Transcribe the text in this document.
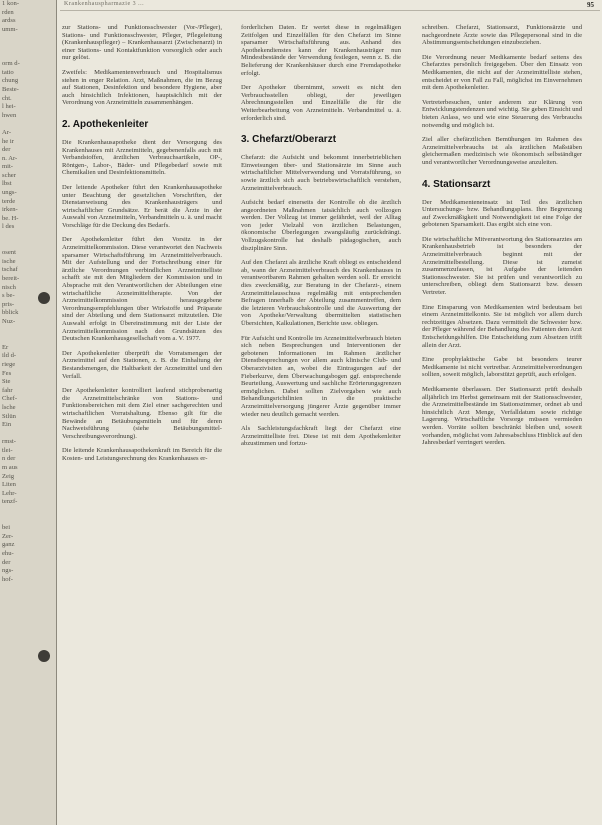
1 kon-
rden
ardss
umm-
orm d-
tatio
chung
Beste-
cht.
l hei-
hwen
Ar-
he ir
der
n. Ar-
mit-
scher
lbst
ungs-
terde
irken-
be. H-
l des
osent
ische
tschaf
bereit-
nisch
s be-
pris-
bblick
Nuz-
Er
ild d-
riege
Fes
Ste
fahr
Chef-
lsche
Stlün
Ein
rmst-
tlei-
n der
m aus
Zeig
Liten
Lehr-
tenzf-
bei
Zer-
ganz
ehu-
der
ngs-
hof-
Krankenhauspharmazie 3 ...	95

zur Stations- und Funktionsschwester (Vor-/Pfleger), Stations- und Funktionsschwester, Pfleger, Pflegeleitung (Krankenhauspfleger) – Krankenhausarzt (Zwischenarzt) in einer Stations- und Kontaktfunktion vorsorglich oder auch nur gelöst.

Zweifels: Medikamentenverbrauch und Hospitalismus stehen in enger Relation. Arzt, Maßnahmen, die im Bezug auf Stationen, Desinfektion und besondere Hygiene, aber auch hinsichtlich Infektionen, hauptsächlich mit der Verordnung von Arzneimitteln zusammenhängen.

2. Apothekenleiter

Die Krankenhausapotheke dient der Versorgung des Krankenhauses mit Arzneimitteln, gegebenenfalls auch mit Verbandstoffen, ärztlichen Verbrauchsartikeln, OP-, Röntgen-, Labor-, Bäder- und Pflegebedarf sowie mit Chemikalien und Desinfektionsmitteln.

Der leitende Apotheker führt den Krankenhausapotheke unter Beachtung der gesetzlichen Vorschriften, der Dienstanweisung des Krankenhausträgers und wirtschaftlicher Grundsätze. Er berät die Ärzte in der Auswahl von Arzneimitteln, Verbandmitteln u. ä. und macht Vorschläge für die Deckung des Bedarfs.

Der Apothekenleiter führt den Vorsitz in der Arzneimittelkommission. Diese verantwortet den Nachweis sparsamer Wirtschaftsführung im Arzneimittelverbrauch. Mit der Aufstellung und der Fortschreibung einer für ärztliche Verordnungen verbindlichen Arzneimittelliste schafft sie mit den Mitgliedern der Kommission und in Absprache mit den Verantwortlichen der Abteilungen eine wirtschaftliche Arzneimitteltherapie. Von der Arzneimittelkommission herausgegebene Verordnungsempfehlungen über Wirkstoffe und Präparate sind der Abteilung und dem Stationsarzt mitzuteilen. Die Auswahl erfolgt in Übereinstimmung mit der Liste der Arzneimittelkommission nach den Grundsätzen des Deutschen Krankenhausgesellschaft vom a. V. 1977.

Der Apothekenleiter überprüft die Vorratsmengen der Arzneimittel auf den Stationen, z. B. die Einhaltung der Bestandsmengen, die Haltbarkeit der Arzneimittel und den Verfall.

Der Apothekenleiter kontrolliert laufend stichprobenartig die Arzneimittelschränke von Stations- und Funktionsbereichen mit dem Ziel einer sachgerechten und wirtschaftlichen Vorratshaltung. Ebenso gilt für die Bewände an Betäubungsmitteln und für deren Nachweisführung (siehe Betäubungsmittel-Verschreibungsverordnung).

Die leitende Krankenhausapothekenkraft im Bereich für die Kosten- und Leistungsrechnung des Krankenhauses er-

forderlichen Daten. Er wertet diese in regelmäßigen Zeitfolgen und Einzelfällen für den Chefarzt im Sinne sparsamer Wirtschaftsführung aus. Anhand des Apothekendienstes kann der Krankenhausträger nun Mindestbestände der Verwendung festlegen, wenn z. B. die Belieferung der Krankenhäuser durch eine Fremdapotheke erfolgt.

Der Apotheker übernimmt, soweit es nicht den Verbrauchsstellen obliegt, der jeweiligen Abrechnungsstellen und Einzelfälle die für die Weiterbearbeitung von Arzneimitteln. Verbandmittel u. ä. erforderlich sind.

3. Chefarzt/Oberarzt

Chefarzt: die Aufsicht und bekommt innerbetrieblichen Einweisungen über- und Stationsärzte im Sinne auch wirtschaftlicher Mittelverwendung und Vorratsführung, so sowie ärztlich sich auch betriebswirtschaftlich verstehen, Arzneimittelverbrauch.

Aufsicht bedarf einerseits der Kontrolle ob die ärztlich angeordneten Maßnahmen tatsächlich auch vollzogen werden. Der Vollzug ist immer gefährdet, weil der Alltag von jeder Vielzahl von ärztlichen Belastungen, ökonomische Überlegungen zwangsläufig zurückdrängt. Vollzugskontrolle hat deshalb pädagogischen, auch disziplinäre Sinn.

Auf den Chefarzt als ärztliche Kraft obliegt es entscheidend ab, wann der Arzneimittelverbrauch des Krankenhauses in verantwortbarem Rahmen gehalten werden soll. Er erreicht dies zweckmäßig, zur Beratung in der Chefarzt-, einem Arzneimittelausschuss regelmäßig mit entsprechenden Befragen innerhalb der Abteilung zusammentreffen, dem die letzteren Verbrauchskontrolle und die Auswertung der von Apotheke/Verwaltung übermittelten statistischen Übersichten, Kalkulationen, Berichte usw. obliegen.

Für Aufsicht und Kontrolle im Arzneimittelverbrauch bieten sich neben Besprechungen und Interventionen der gebotenen Informationen im Rahmen ärztlicher Dienstbesprechungen vor allem auch klinische Club- und Oberarztvisiten an, wobei die Eintragungen auf der Fieberkurve, dem Überwachungsbogen ggf. entsprechende Beurteilung, Auswertung und sachliche Erörterungsgrenzen ermöglichen. Dabei sollten Zielvorgaben wie auch Behandlungsrichtlinien in die praktische Arzneimittelversorgung jüngerer Ärzte gegenüber immer wieder neu deutlich gemacht werden.

Als Sachleistungsfachkraft liegt der Chefarzt eine Arzneimittelliste frei. Diese ist mit dem Apothekenleiter abzustimmen und fortzu-

schreiben. Chefarzt, Stationsarzt, Funktionsärzte und nachgeordnete Ärzte sowie das Pflegepersonal sind in die Abstimmungsentscheidungen einzubeziehen.

Die Verordnung neuer Medikamente bedarf seitens des Chefarztes persönlich freigegeben. Über den Einsatz von Medikamenten, die nicht auf der Arzneimittelliste stehen, entscheidet er von Fall zu Fall, möglichst im Einvernehmen mit dem Apothekenleiter.

Vertreterbesuchen, unter anderem zur Klärung von Entwicklungstendenzen und wichtig. Sie geben Einsicht und bieten Anlass, wo und wie eine Steuerung des Verbrauchs notwendig und möglich ist.

Ziel aller chefärztlichen Bemühungen im Rahmen des Arzneimittelverbrauchs ist als ärztlichen Maßstäben gleichermaßen medizinisch wie ökonomisch selbständiger und verantwortlicher Verordnungsweise anzuleiten.

4. Stationsarzt

Der Medikamenteneinsatz ist Teil des ärztlichen Untersuchungs- bzw. Behandlungsplans. Ihre Begrenzung auf Zweckmäßigkeit und Notwendigkeit ist eine Folge der gebotenen Sparsamkeit. Das ergibt sich eine von.

Die wirtschaftliche Mitverantwortung des Stationsarztes am Krankenhausbetrieb ist besonders der Arzneimittelverbrauch beginnt mit der Arzneimittelbestellung. Diese ist zumeist zusammenzufassen, ist Aufgabe der leitenden Stationsschwester. Sie ist prüfen und verantwortlich zu unterschreiben, obliegt dem Stationsarzt bzw. dessen Vertreter.

Eine Einsparung von Medikamenten wird bedeutsam bei einem Arzneimittelkonto. Sie ist möglich vor allem durch rechtzeitiges Absetzen. Dazu vermittelt die Schwester bzw. der Pfleger während der Behandlung des Patienten dem Arzt Entscheidungshilfen. Die Entscheidung zum Absetzen trifft allein der Arzt.

Eine prophylaktische Gabe ist besonders teurer Medikamente ist nicht vertretbar. Arzneimittelverordnungen sollten, soweit möglich, laborstützt geprüft, auch erfolgen.

Medikamente überlassen. Der Stationsarzt prüft deshalb alljährlich im Herbst gemeinsam mit der Stationsschwester, die Arzneimittelbestände im Stationszimmer, ordnet ab und hinsichtlich Arzt Menge, Verfalldatum sowie richtige Lagerung. Wirtschaftliche Vorsorge müssen vermieden werden. Vorräte sollten beschränkt bleiben und, soweit vorhanden, möglichst vom Jahresabschluss Hinblick auf den Jahresbedarf verringert werden.
